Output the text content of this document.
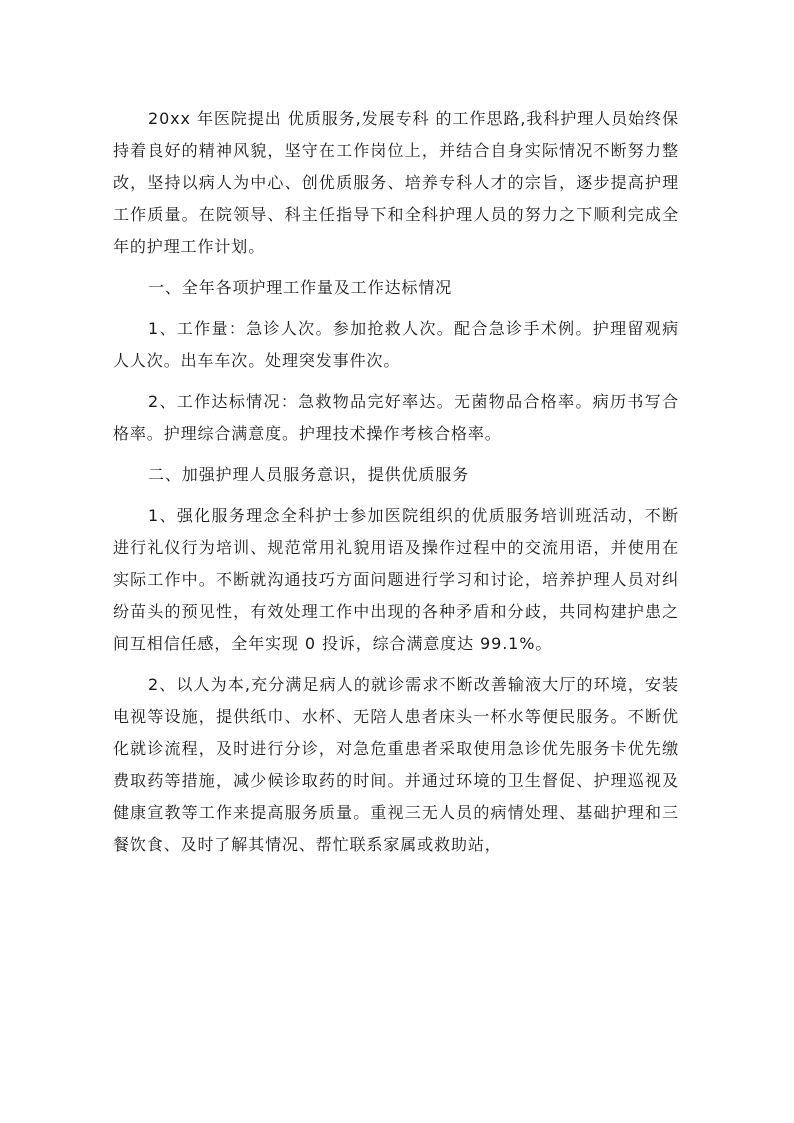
20xx 年医院提出 优质服务,发展专科 的工作思路,我科护理人员始终保持着良好的精神风貌，坚守在工作岗位上，并结合自身实际情况不断努力整改，坚持以病人为中心、创优质服务、培养专科人才的宗旨，逐步提高护理工作质量。在院领导、科主任指导下和全科护理人员的努力之下顺利完成全年的护理工作计划。

一、全年各项护理工作量及工作达标情况

1、工作量：急诊人次。参加抢救人次。配合急诊手术例。护理留观病人人次。出车车次。处理突发事件次。

2、工作达标情况：急救物品完好率达。无菌物品合格率。病历书写合格率。护理综合满意度。护理技术操作考核合格率。

二、加强护理人员服务意识，提供优质服务

1、强化服务理念全科护士参加医院组织的优质服务培训班活动，不断进行礼仪行为培训、规范常用礼貌用语及操作过程中的交流用语，并使用在实际工作中。不断就沟通技巧方面问题进行学习和讨论，培养护理人员对纠纷苗头的预见性，有效处理工作中出现的各种矛盾和分歧，共同构建护患之间互相信任感，全年实现 0 投诉，综合满意度达 99.1%。

2、以人为本,充分满足病人的就诊需求不断改善输液大厅的环境，安装电视等设施，提供纸巾、水杯、无陪人患者床头一杯水等便民服务。不断优化就诊流程，及时进行分诊，对急危重患者采取使用急诊优先服务卡优先缴费取药等措施，减少候诊取药的时间。并通过环境的卫生督促、护理巡视及健康宣教等工作来提高服务质量。重视三无人员的病情处理、基础护理和三餐饮食、及时了解其情况、帮忙联系家属或救助站，
